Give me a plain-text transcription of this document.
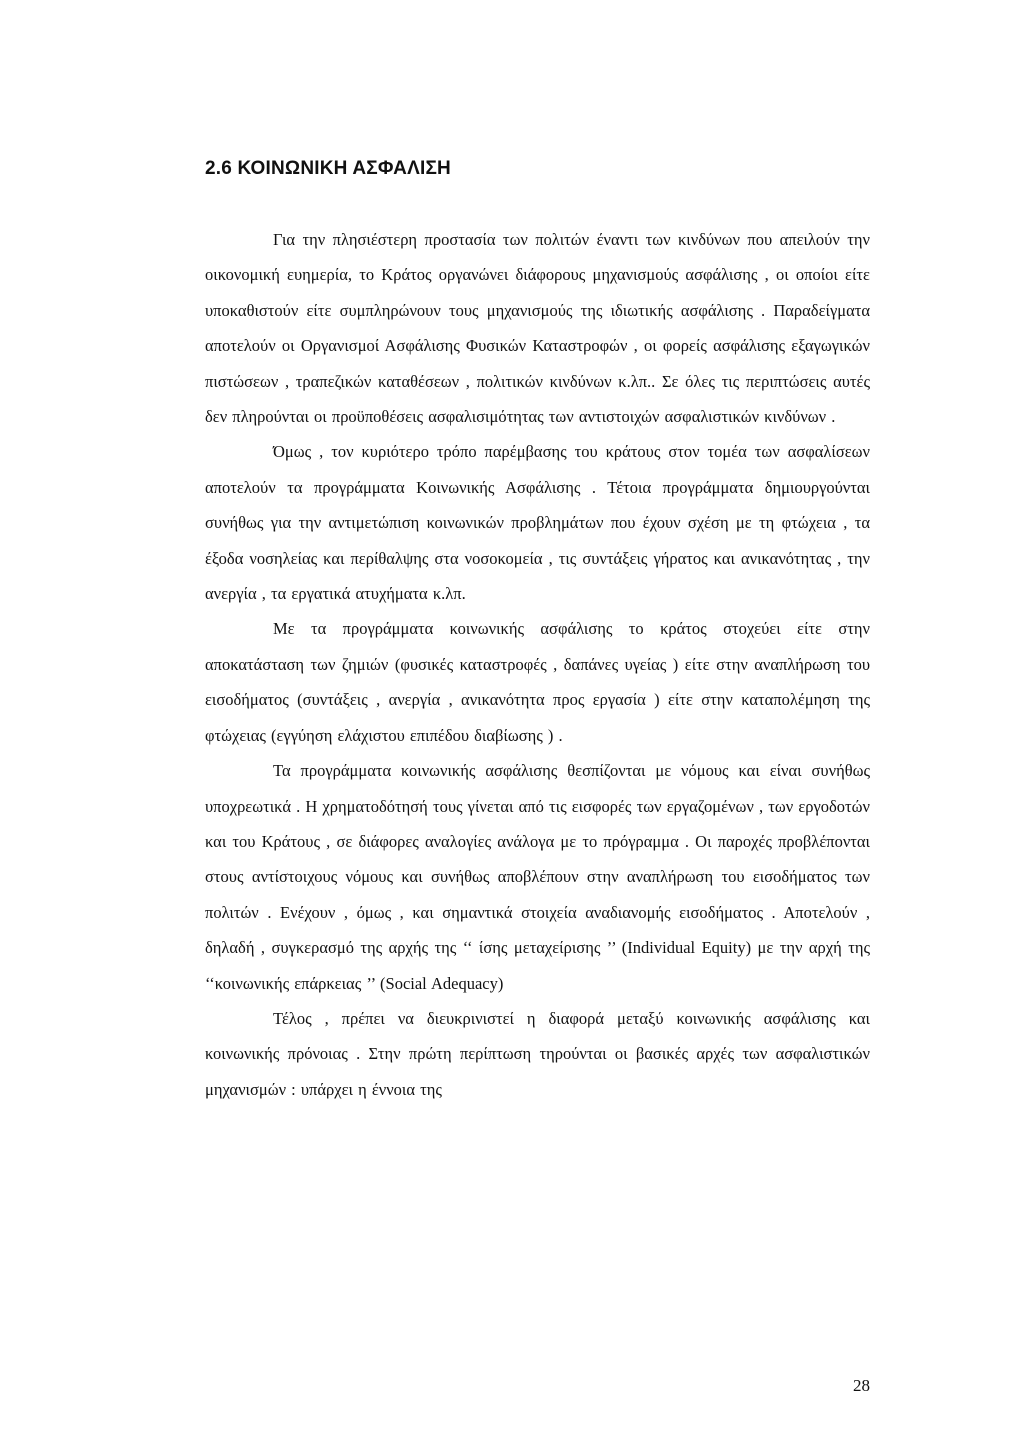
2.6 ΚΟΙΝΩΝΙΚΗ ΑΣΦΑΛΙΣΗ

Για την πλησιέστερη προστασία των πολιτών έναντι των κινδύνων που απειλούν την οικονομική ευημερία, το Κράτος οργανώνει διάφορους μηχανισμούς ασφάλισης , οι οποίοι είτε υποκαθιστούν είτε συμπληρώνουν τους μηχανισμούς της ιδιωτικής ασφάλισης . Παραδείγματα αποτελούν οι Οργανισμοί Ασφάλισης Φυσικών Καταστροφών , οι φορείς ασφάλισης εξαγωγικών πιστώσεων , τραπεζικών καταθέσεων , πολιτικών κινδύνων κ.λπ.. Σε όλες τις περιπτώσεις αυτές δεν πληρούνται οι προϋποθέσεις ασφαλισιμότητας των αντιστοιχών ασφαλιστικών κινδύνων .

Όμως , τον κυριότερο τρόπο παρέμβασης του κράτους στον τομέα των ασφαλίσεων αποτελούν τα προγράμματα Κοινωνικής Ασφάλισης . Τέτοια προγράμματα δημιουργούνται συνήθως για την αντιμετώπιση κοινωνικών προβλημάτων που έχουν σχέση με τη φτώχεια , τα έξοδα νοσηλείας και περίθαλψης στα νοσοκομεία , τις συντάξεις γήρατος και ανικανότητας , την ανεργία , τα εργατικά ατυχήματα κ.λπ.

Με τα προγράμματα κοινωνικής ασφάλισης το κράτος στοχεύει είτε στην αποκατάσταση των ζημιών (φυσικές καταστροφές , δαπάνες υγείας ) είτε στην αναπλήρωση του εισοδήματος (συντάξεις , ανεργία , ανικανότητα προς εργασία ) είτε στην καταπολέμηση της φτώχειας (εγγύηση ελάχιστου επιπέδου διαβίωσης ) .

Τα προγράμματα κοινωνικής ασφάλισης θεσπίζονται με νόμους και είναι συνήθως υποχρεωτικά . Η χρηματοδότησή τους γίνεται από τις εισφορές των εργαζομένων , των εργοδοτών και του Κράτους , σε διάφορες αναλογίες ανάλογα με το πρόγραμμα . Οι παροχές προβλέπονται στους αντίστοιχους νόμους και συνήθως αποβλέπουν στην αναπλήρωση του εισοδήματος των πολιτών . Ενέχουν , όμως , και σημαντικά στοιχεία αναδιανομής εισοδήματος . Αποτελούν , δηλαδή , συγκερασμό της αρχής της ‘‘ ίσης μεταχείρισης ’’ (Individual Equity) με την αρχή της ‘‘κοινωνικής επάρκειας ’’ (Social Adequacy)

Τέλος , πρέπει να διευκρινιστεί η διαφορά μεταξύ κοινωνικής ασφάλισης και κοινωνικής πρόνοιας . Στην πρώτη περίπτωση τηρούνται οι βασικές αρχές των ασφαλιστικών μηχανισμών : υπάρχει η έννοια της

28
